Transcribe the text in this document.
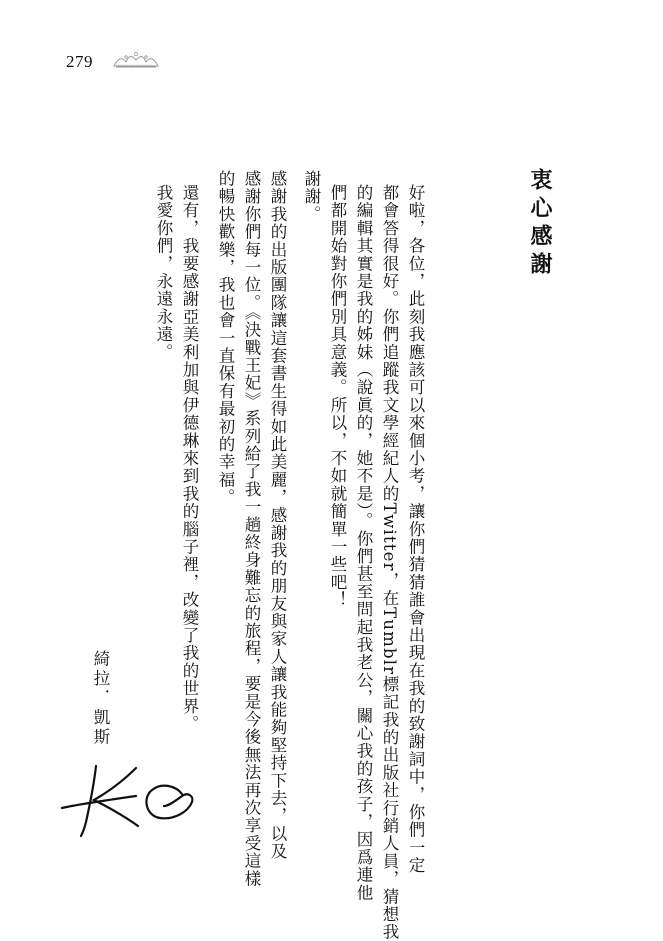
279
衷心感謝
好啦，各位，此刻我應該可以來個小考，讓你們猜猜誰會出現在我的致謝詞中，你們一定
都會答得很好。你們追蹤我文學經紀人的Twitter，在Tumblr標記我的出版社行銷人員，猜想我
的編輯其實是我的姊妹（說眞的，她不是）。你們甚至問起我老公，關心我的孩子，因爲連他
們都開始對你們別具意義。所以，不如就簡單一些吧！
謝謝。
感謝我的出版團隊讓這套書生得如此美麗，感謝我的朋友與家人讓我能夠堅持下去，以及
感謝你們每一位。《決戰王妃》系列給了我一趟終身難忘的旅程，要是今後無法再次享受這樣
的暢快歡樂，我也會一直保有最初的幸福。
還有，我要感謝亞美利加與伊德琳來到我的腦子裡，改變了我的世界。
我愛你們，永遠永遠。
綺拉．凱斯
